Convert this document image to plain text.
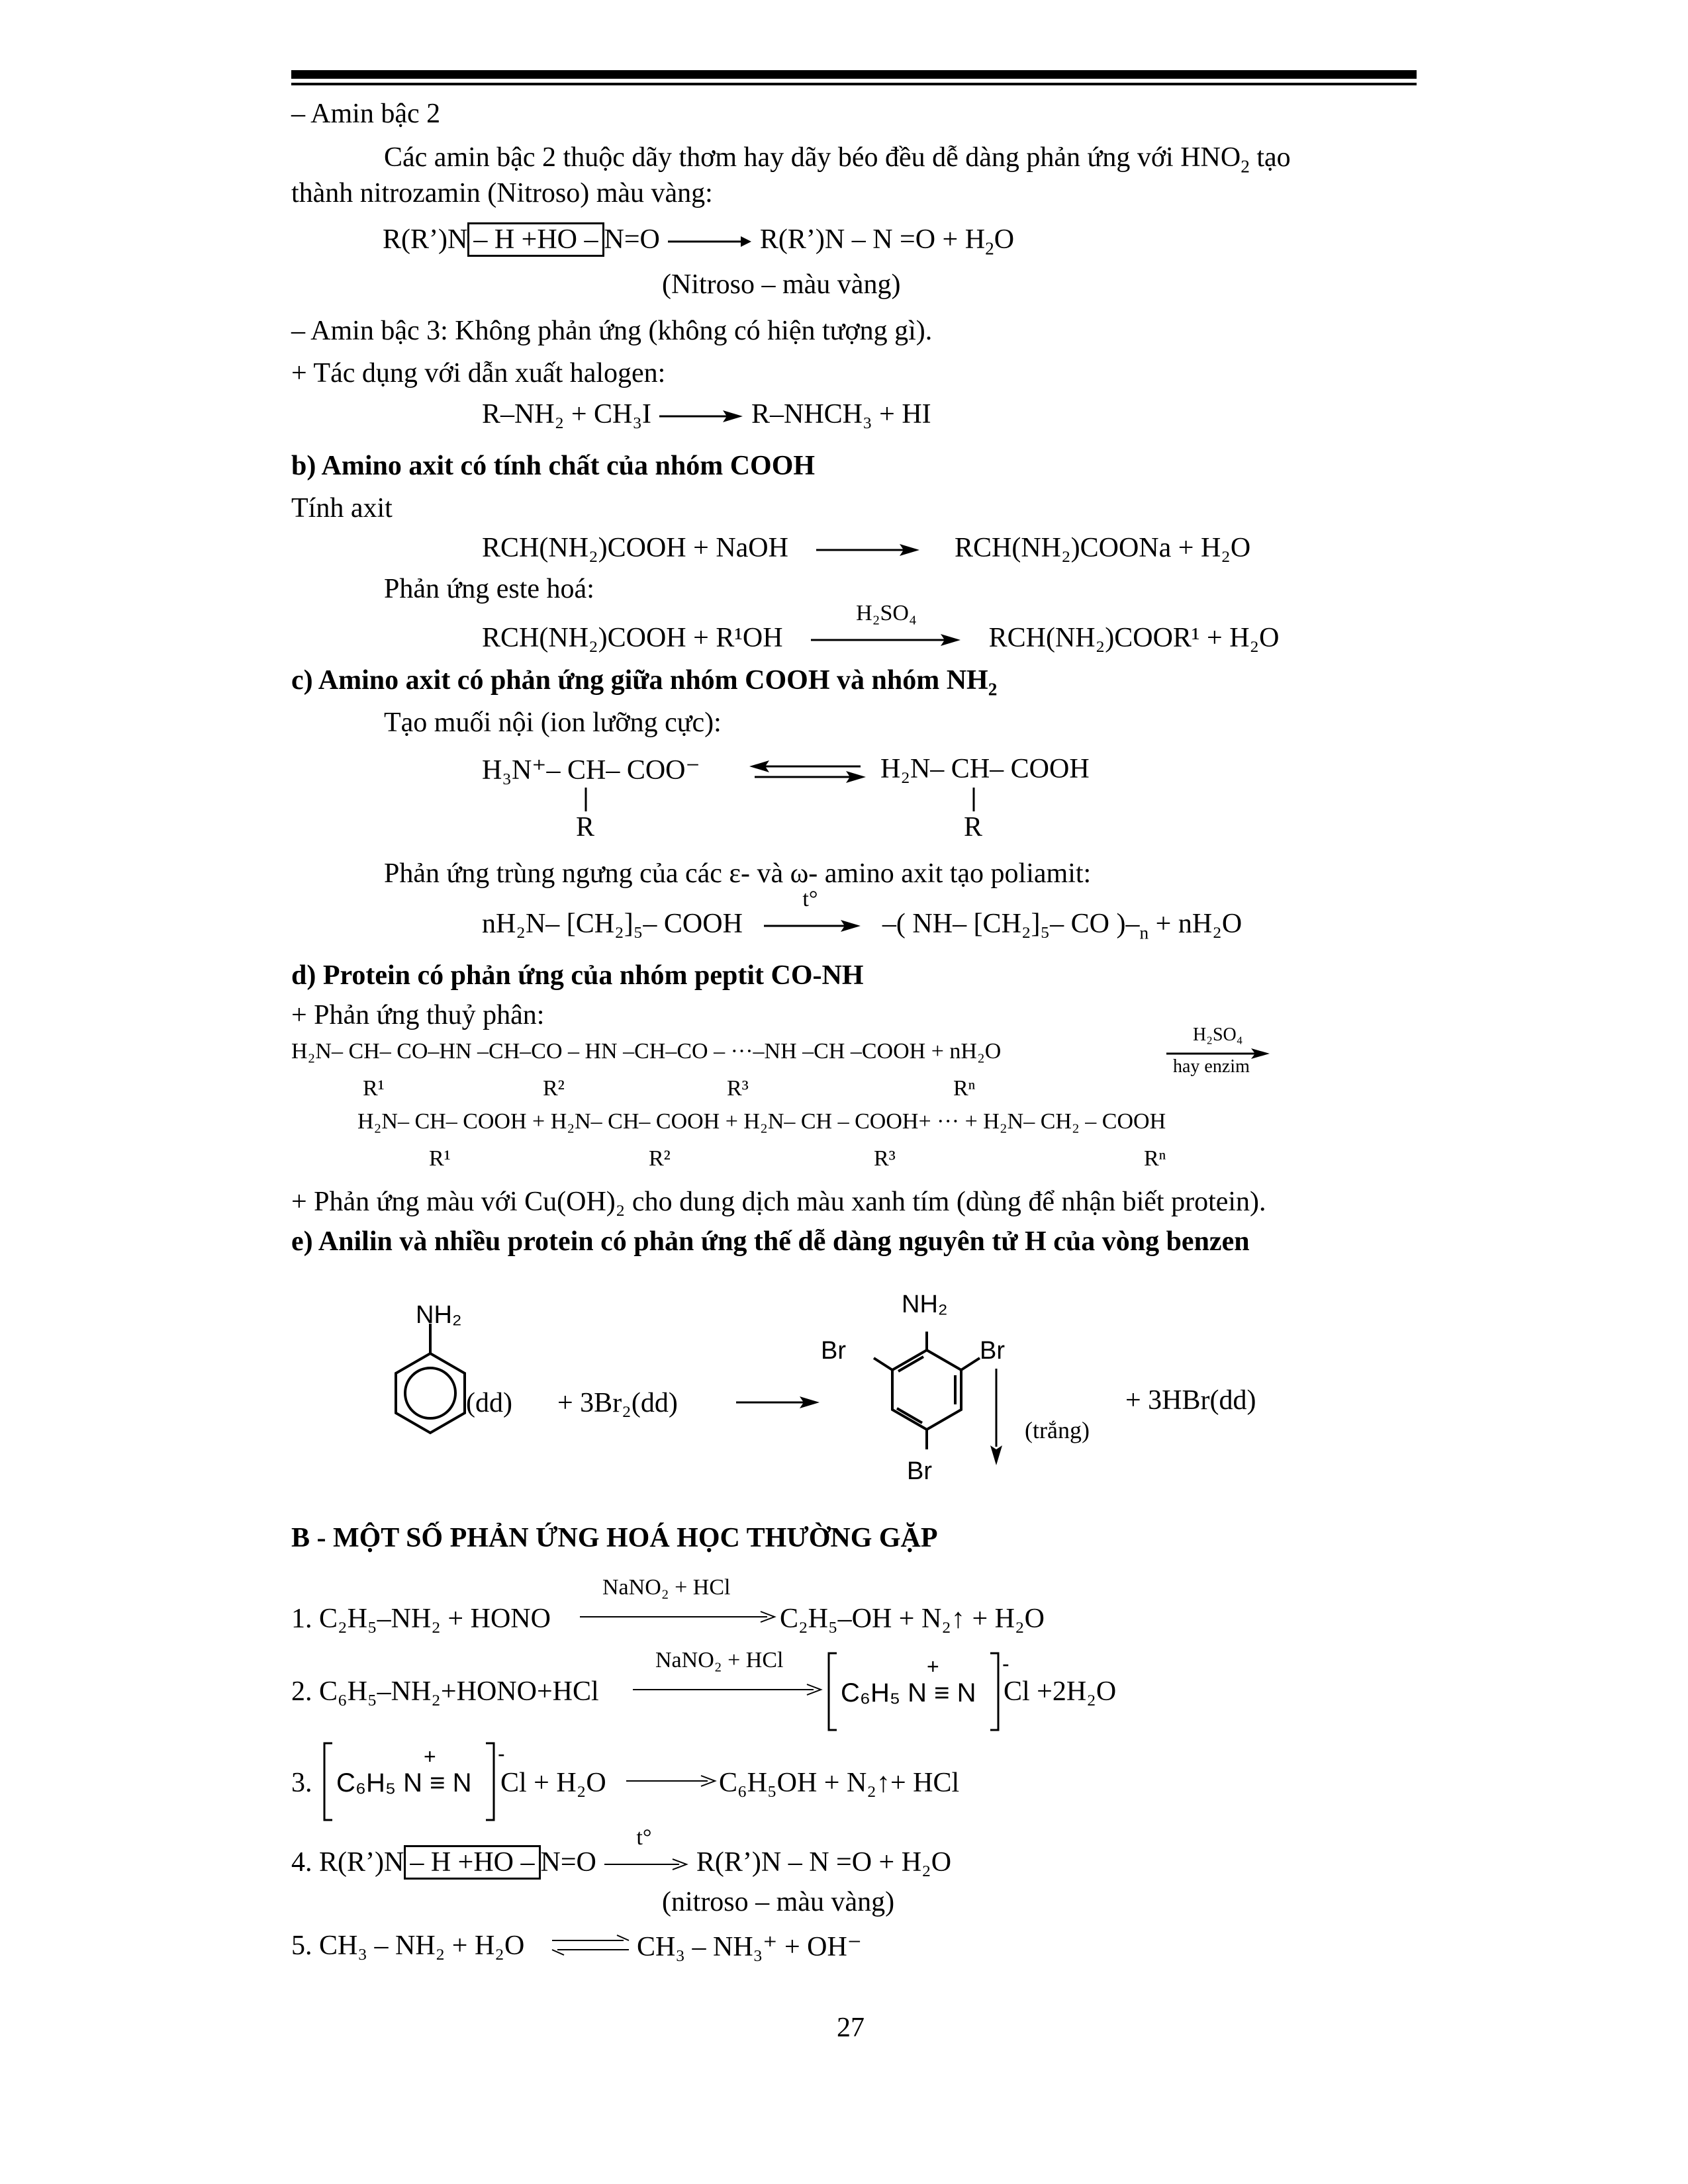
– Amin bậc 2
Các amin bậc 2 thuộc dãy thơm hay dãy béo đều dễ dàng phản ứng với $HNO_2$ tạo
thành nitrozamin (Nitroso) màu vàng:
R(R’)N – H +HO – N=O	R(R’)N – $N =O + H_2O$
(Nitroso – màu vàng)
– Amin bậc 3: Không phản ứng (không có hiện tượng gì).
+ Tác dụng với dẫn xuất halogen:
R–NH₂ + CH₃I	R–NHCH₃ + HI
b) Amino axit có tính chất của nhóm COOH
Tính axit
RCH(NH₂)COOH + NaOH	RCH(NH₂)COONa + H₂O
Phản ứng este hoá:
RCH(NH₂)COOH + R¹OH
H₂SO₄
RCH(NH₂)COOR¹ + H₂O
c) Amino axit có phản ứng giữa nhóm COOH và nhóm $NH_2$
Tạo muối nội (ion lưỡng cực):
H₃N⁺– CH– COO⁻	H₂N– CH– COOH
R	R
Phản ứng trùng ngưng của các ε- và ω- amino axit tạo poliamit:
nH₂N– [CH₂]₅– COOH
t°
–( NH– [CH₂]₅– CO )$-_n + nH_2O$
d) Protein có phản ứng của nhóm peptit CO-NH
+ Phản ứng thuỷ phân:
H₂N– CH– CO–HN –CH–CO – HN –CH–CO – ···–NH –CH –COOH + nH₂O
H₂SO₄
hay enzim
R¹	R²	R³	Rⁿ
H₂N– CH– COOH + H₂N– CH– COOH + H₂N– CH – COOH+ ··· + H₂N– CH₂ – COOH
R¹	R²	R³	Rⁿ
+ Phản ứng màu với Cu(OH)₂ cho dung dịch màu xanh tím (dùng để nhận biết protein).
e) Anilin và nhiều protein có phản ứng thế dễ dàng nguyên tử H của vòng benzen
NH₂
(dd) + 3Br₂(dd)
NH₂
Br	Br
Br
(trắng)
+ 3HBr(dd)
B - MỘT SỐ PHẢN ỨNG HOÁ HỌC THƯỜNG GẶP
1. C₂H₅–NH₂ + HONO
NaNO₂ + HCl
C₂H₅–OH + N₂↑ + H₂O
2. C₆H₅–NH₂+HONO+HCl
NaNO₂ + HCl
C₆H₅ N ≡ N
+	-
Cl +2H₂O
3. C₆H₅ N ≡ N
+	-
Cl + H₂O	C₆H₅OH + N₂↑+ HCl
4. R(R’)N – H +HO – N=O
t°
R(R’)N – N =O + H₂O
(nitroso – màu vàng)
5. CH₃ – NH₂ + H₂O ⇌ CH₃ – NH₃⁺ + OH⁻
27
